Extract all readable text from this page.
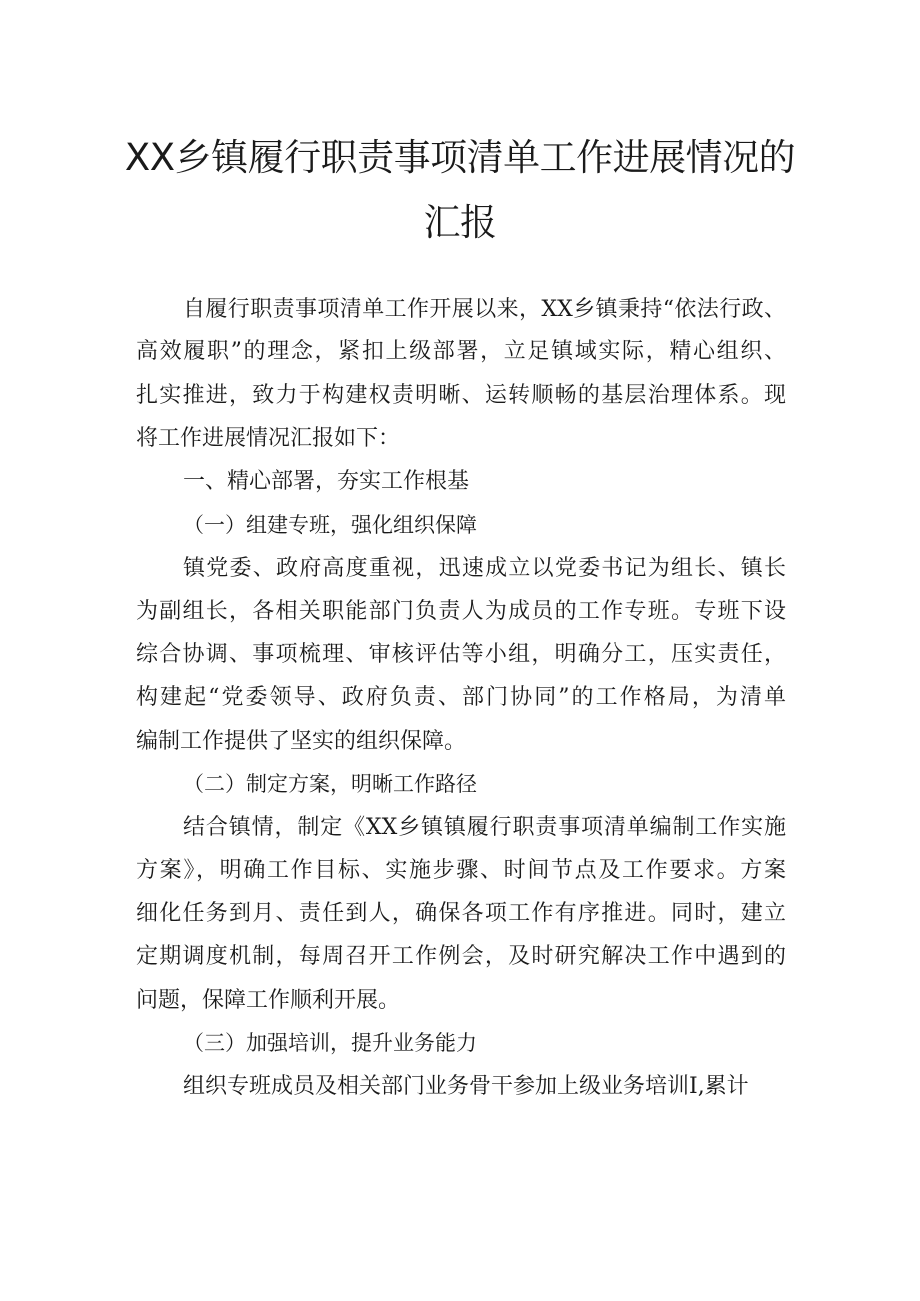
XX乡镇履行职责事项清单工作进展情况的
汇报
自履行职责事项清单工作开展以来，XX乡镇秉持“依法行政、
高效履职”的理念，紧扣上级部署，立足镇域实际，精心组织、
扎实推进，致力于构建权责明晰、运转顺畅的基层治理体系。现
将工作进展情况汇报如下：
一、精心部署，夯实工作根基
（一）组建专班，强化组织保障
镇党委、政府高度重视，迅速成立以党委书记为组长、镇长
为副组长，各相关职能部门负责人为成员的工作专班。专班下设
综合协调、事项梳理、审核评估等小组，明确分工，压实责任，
构建起“党委领导、政府负责、部门协同”的工作格局，为清单
编制工作提供了坚实的组织保障。
（二）制定方案，明晰工作路径
结合镇情，制定《XX乡镇镇履行职责事项清单编制工作实施
方案》，明确工作目标、实施步骤、时间节点及工作要求。方案
细化任务到月、责任到人，确保各项工作有序推进。同时，建立
定期调度机制，每周召开工作例会，及时研究解决工作中遇到的
问题，保障工作顺利开展。
（三）加强培训，提升业务能力
组织专班成员及相关部门业务骨干参加上级业务培训I,累计
